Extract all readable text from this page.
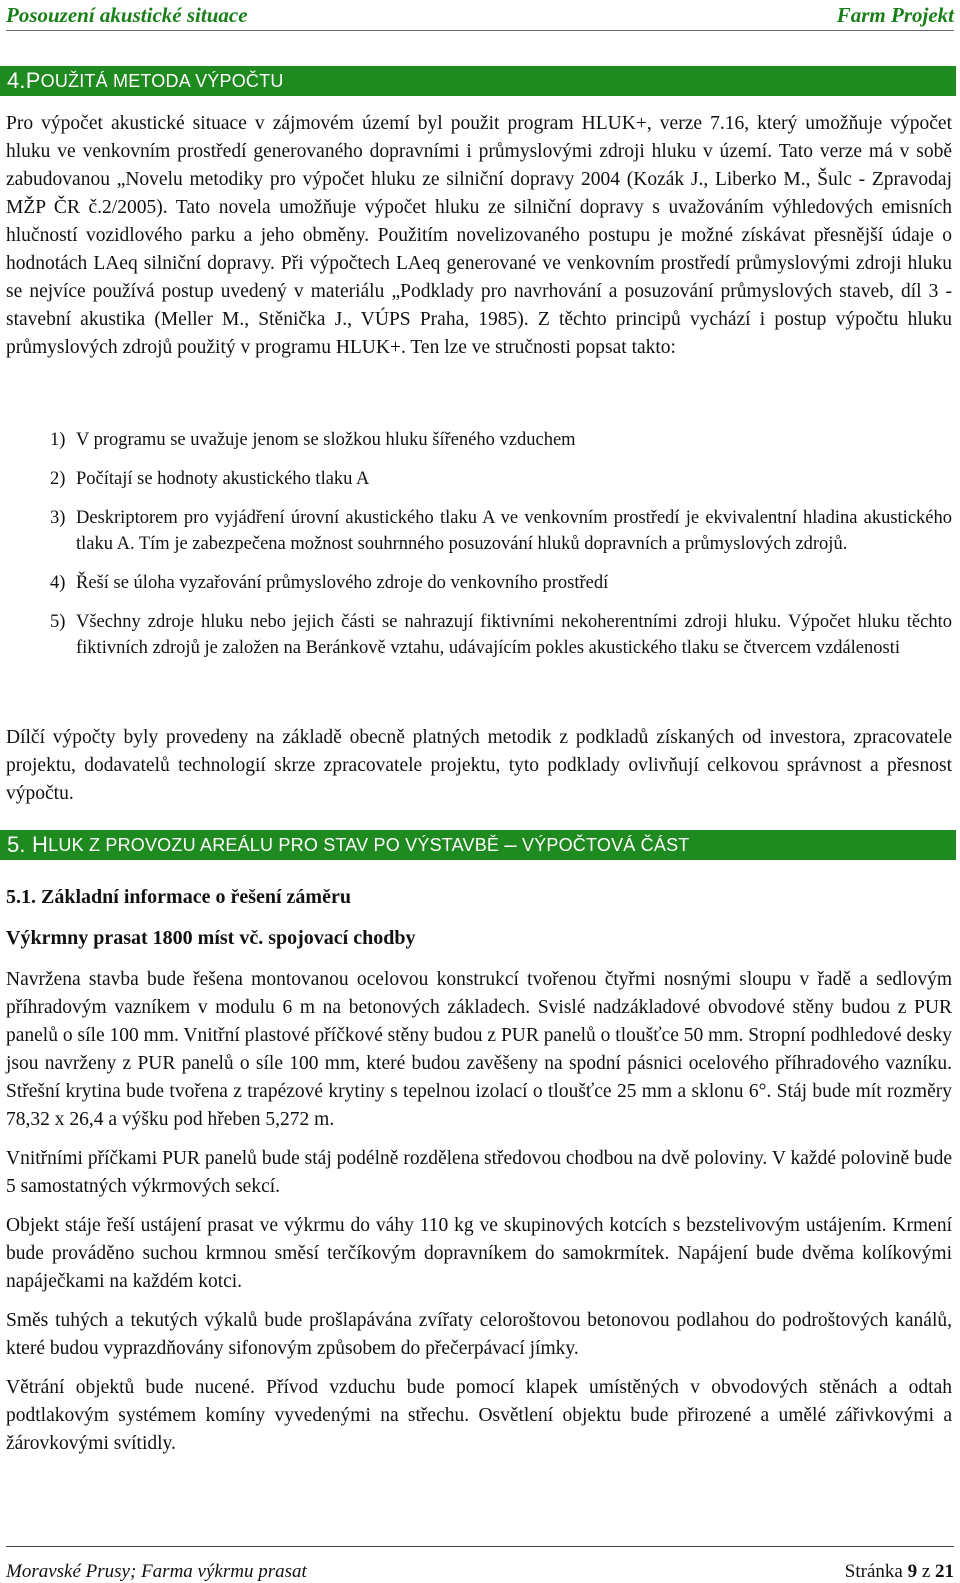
Posouzení akustické situace	Farm Projekt
4. P OUŽITÁ METODA VÝPOČTU

Pro výpočet akustické situace v zájmovém území byl použit program HLUK+, verze 7.16, který umožňuje výpočet hluku ve venkovním prostředí generovaného dopravními i průmyslovými zdroji hluku v území. Tato verze má v sobě zabudovanou „Novelu metodiky pro výpočet hluku ze silniční dopravy 2004 (Kozák J., Liberko M., Šulc - Zpravodaj MŽP ČR č.2/2005). Tato novela umožňuje výpočet hluku ze silniční dopravy s uvažováním výhledových emisních hlučností vozidlového parku a jeho obměny. Použitím novelizovaného postupu je možné získávat přesnější údaje o hodnotách LAeq silniční dopravy. Při výpočtech LAeq generované ve venkovním prostředí průmyslovými zdroji hluku se nejvíce používá postup uvedený v materiálu „Podklady pro navrhování a posuzování průmyslových staveb, díl 3 - stavební akustika (Meller M., Stěnička J., VÚPS Praha, 1985). Z těchto principů vychází i postup výpočtu hluku průmyslových zdrojů použitý v programu HLUK+. Ten lze ve stručnosti popsat takto:

1) V programu se uvažuje jenom se složkou hluku šířeného vzduchem
2) Počítají se hodnoty akustického tlaku A
3) Deskriptorem pro vyjádření úrovní akustického tlaku A ve venkovním prostředí je ekvivalentní hladina akustického tlaku A. Tím je zabezpečena možnost souhrnného posuzování hluků dopravních a průmyslových zdrojů.
4) Řeší se úloha vyzařování průmyslového zdroje do venkovního prostředí
5) Všechny zdroje hluku nebo jejich části se nahrazují fiktivními nekoherentními zdroji hluku. Výpočet hluku těchto fiktivních zdrojů je založen na Beránkově vztahu, udávajícím pokles akustického tlaku se čtvercem vzdálenosti

Dílčí výpočty byly provedeny na základě obecně platných metodik z podkladů získaných od investora, zpracovatele projektu, dodavatelů technologií skrze zpracovatele projektu, tyto podklady ovlivňují celkovou správnost a přesnost výpočtu.

5. H LUK Z PROVOZU AREÁLU PRO STAV PO VÝSTAVBĚ – VÝPOČTOVÁ ČÁST
5.1. Základní informace o řešení záměru
Výkrmny prasat 1800 míst vč. spojovací chodby

Navržena stavba bude řešena montovanou ocelovou konstrukcí tvořenou čtyřmi nosnými sloupu v řadě a sedlovým příhradovým vazníkem v modulu 6 m na betonových základech. Svislé nadzákladové obvodové stěny budou z PUR panelů o síle 100 mm. Vnitřní plastové příčkové stěny budou z PUR panelů o tloušťce 50 mm. Stropní podhledové desky jsou navrženy z PUR panelů o síle 100 mm, které budou zavěšeny na spodní pásnici ocelového příhradového vazníku. Střešní krytina bude tvořena z trapézové krytiny s tepelnou izolací o tloušťce 25 mm a sklonu 6°. Stáj bude mít rozměry 78,32 x 26,4 a výšku pod hřeben 5,272 m.

Vnitřními příčkami PUR panelů bude stáj podélně rozdělena středovou chodbou na dvě poloviny. V každé polovině bude 5 samostatných výkrmových sekcí.

Objekt stáje řeší ustájení prasat ve výkrmu do váhy 110 kg ve skupinových kotcích s bezstelivovým ustájením. Krmení bude prováděno suchou krmnou směsí terčíkovým dopravníkem do samokrmítek. Napájení bude dvěma kolíkovými napáječkami na každém kotci.

Směs tuhých a tekutých výkalů bude prošlapávána zvířaty celoroštovou betonovou podlahou do podroštových kanálů, které budou vyprazdňovány sifonovým způsobem do přečerpávací jímky.

Větrání objektů bude nucené. Přívod vzduchu bude pomocí klapek umístěných v obvodových stěnách a odtah podtlakovým systémem komíny vyvedenými na střechu. Osvětlení objektu bude přirozené a umělé zářivkovými a žárovkovými svítidly.

Moravské Prusy; Farma výkrmu prasat	Stránka 9 z 21
